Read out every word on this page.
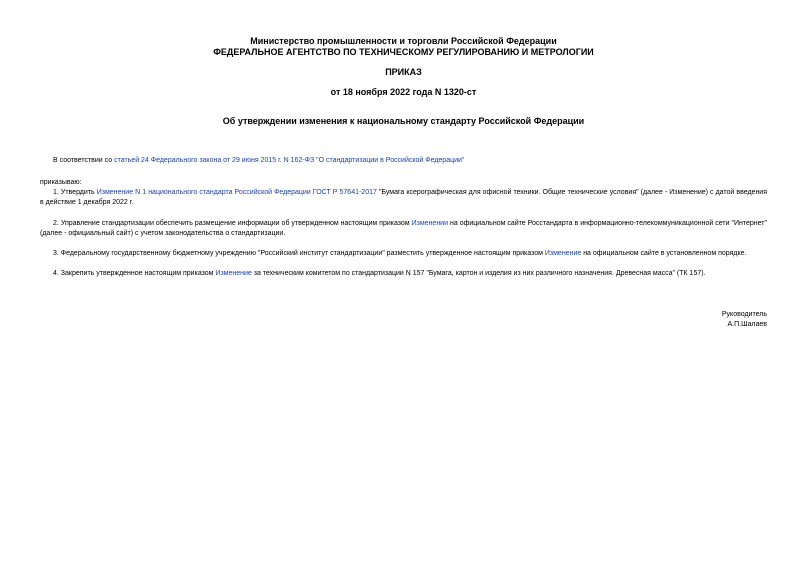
Министерство промышленности и торговли Российской Федерации
ФЕДЕРАЛЬНОЕ АГЕНТСТВО ПО ТЕХНИЧЕСКОМУ РЕГУЛИРОВАНИЮ И МЕТРОЛОГИИ
ПРИКАЗ
от 18 ноября 2022 года N 1320-ст
Об утверждении изменения к национальному стандарту Российской Федерации
В соответствии со статьей 24 Федерального закона от 29 июня 2015 г. N 162-ФЗ "О стандартизации в Российской Федерации"
приказываю:
1. Утвердить Изменение N 1 национального стандарта Российской Федерации ГОСТ Р 57641-2017 "Бумага ксерографическая для офисной техники. Общие технические условия" (далее - Изменение) с датой введения в действие 1 декабря 2022 г.
2. Управление стандартизации обеспечить размещение информации об утвержденном настоящим приказом Изменении на официальном сайте Росстандарта в информационно-телекоммуникационной сети "Интернет" (далее - официальный сайт) с учетом законодательства о стандартизации.
3. Федеральному государственному бюджетному учреждению "Российский институт стандартизации" разместить утвержденное настоящим приказом Изменение на официальном сайте в установленном порядке.
4. Закрепить утвержденное настоящим приказом Изменение за техническим комитетом по стандартизации N 157 "Бумага, картон и изделия из них различного назначения. Древесная масса" (ТК 157).
Руководитель
А.П.Шалаев
